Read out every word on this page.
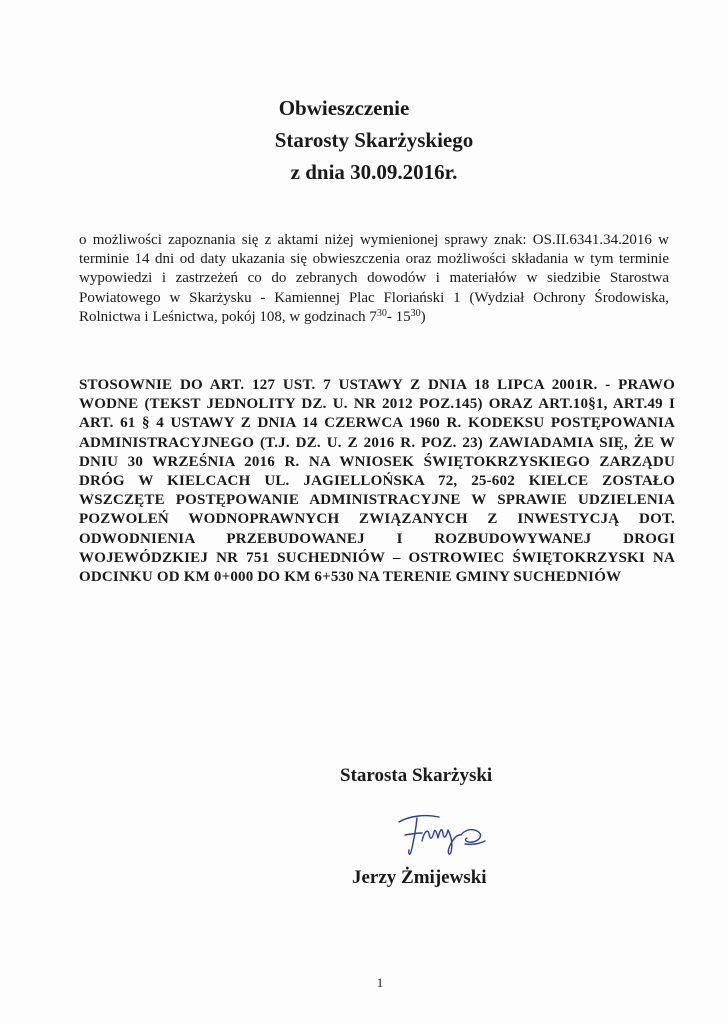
Obwieszczenie
Starosty Skarżyskiego
z dnia 30.09.2016r.
o możliwości zapoznania się z aktami niżej wymienionej sprawy znak: OS.II.6341.34.2016 w terminie 14 dni od daty ukazania się obwieszczenia oraz możliwości składania w tym terminie wypowiedzi i zastrzeżeń co do zebranych dowodów i materiałów w siedzibie Starostwa Powiatowego w Skarżysku - Kamiennej Plac Floriański 1 (Wydział Ochrony Środowiska, Rolnictwa i Leśnictwa, pokój 108, w godzinach $7^{30}-$ $15^{30}$)
STOSOWNIE DO ART. 127 UST. 7 USTAWY Z DNIA 18 LIPCA 2001R. - PRAWO WODNE (TEKST JEDNOLITY DZ. U. NR 2012 POZ.145) ORAZ ART.10§1, ART.49 I ART. 61 § 4 USTAWY Z DNIA 14 CZERWCA 1960 R. KODEKSU POSTĘPOWANIA ADMINISTRACYJNEGO (T.J. DZ. U. Z 2016 R. POZ. 23) ZAWIADAMIA SIĘ, ŻE W DNIU 30 WRZEŚNIA 2016 R. NA WNIOSEK ŚWIĘTOKRZYSKIEGO ZARZĄDU DRÓG W KIELCACH UL. JAGIELLOŃSKA 72, 25-602 KIELCE ZOSTAŁO WSZCZĘTE POSTĘPOWANIE ADMINISTRACYJNE W SPRAWIE UDZIELENIA POZWOLEŃ WODNOPRAWNYCH ZWIĄZANYCH Z INWESTYCJĄ DOT. ODWODNIENIA PRZEBUDOWANEJ I ROZBUDOWYWANEJ DROGI WOJEWÓDZKIEJ NR 751 SUCHEDNIÓW – OSTROWIEC ŚWIĘTOKRZYSKI NA ODCINKU OD KM 0+000 DO KM 6+530 NA TERENIE GMINY SUCHEDNIÓW
Starosta Skarżyski
Jerzy Żmijewski
1
